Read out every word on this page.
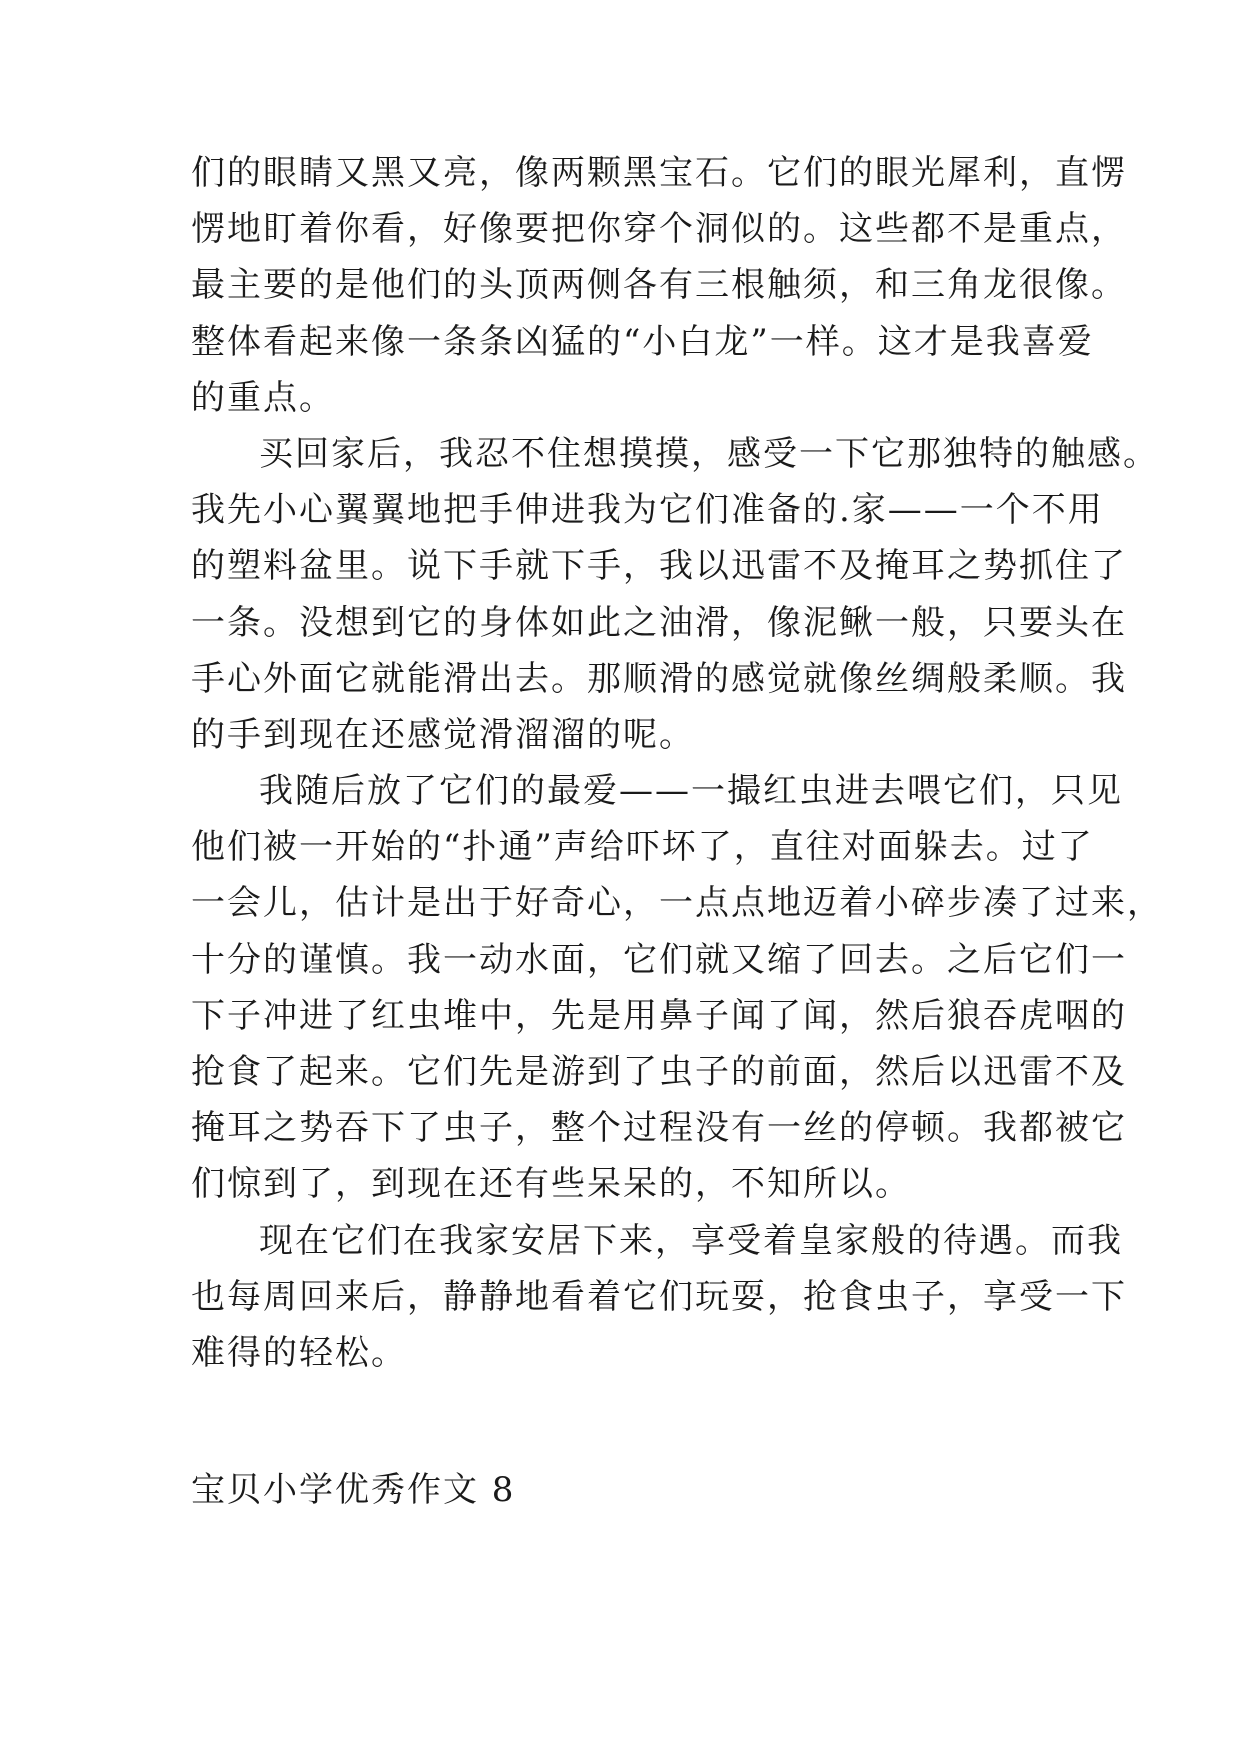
们的眼睛又黑又亮，像两颗黑宝石。它们的眼光犀利，直愣
愣地盯着你看，好像要把你穿个洞似的。这些都不是重点，
最主要的是他们的头顶两侧各有三根触须，和三角龙很像。
整体看起来像一条条凶猛的“小白龙”一样。这才是我喜爱
的重点。
买回家后，我忍不住想摸摸，感受一下它那独特的触感。
我先小心翼翼地把手伸进我为它们准备的.家——一个不用
的塑料盆里。说下手就下手，我以迅雷不及掩耳之势抓住了
一条。没想到它的身体如此之油滑，像泥鳅一般，只要头在
手心外面它就能滑出去。那顺滑的感觉就像丝绸般柔顺。我
的手到现在还感觉滑溜溜的呢。
我随后放了它们的最爱——一撮红虫进去喂它们，只见
他们被一开始的“扑通”声给吓坏了，直往对面躲去。过了
一会儿，估计是出于好奇心，一点点地迈着小碎步凑了过来，
十分的谨慎。我一动水面，它们就又缩了回去。之后它们一
下子冲进了红虫堆中，先是用鼻子闻了闻，然后狼吞虎咽的
抢食了起来。它们先是游到了虫子的前面，然后以迅雷不及
掩耳之势吞下了虫子，整个过程没有一丝的停顿。我都被它
们惊到了，到现在还有些呆呆的，不知所以。
现在它们在我家安居下来，享受着皇家般的待遇。而我
也每周回来后，静静地看着它们玩耍，抢食虫子，享受一下
难得的轻松。
宝贝小学优秀作文 8
